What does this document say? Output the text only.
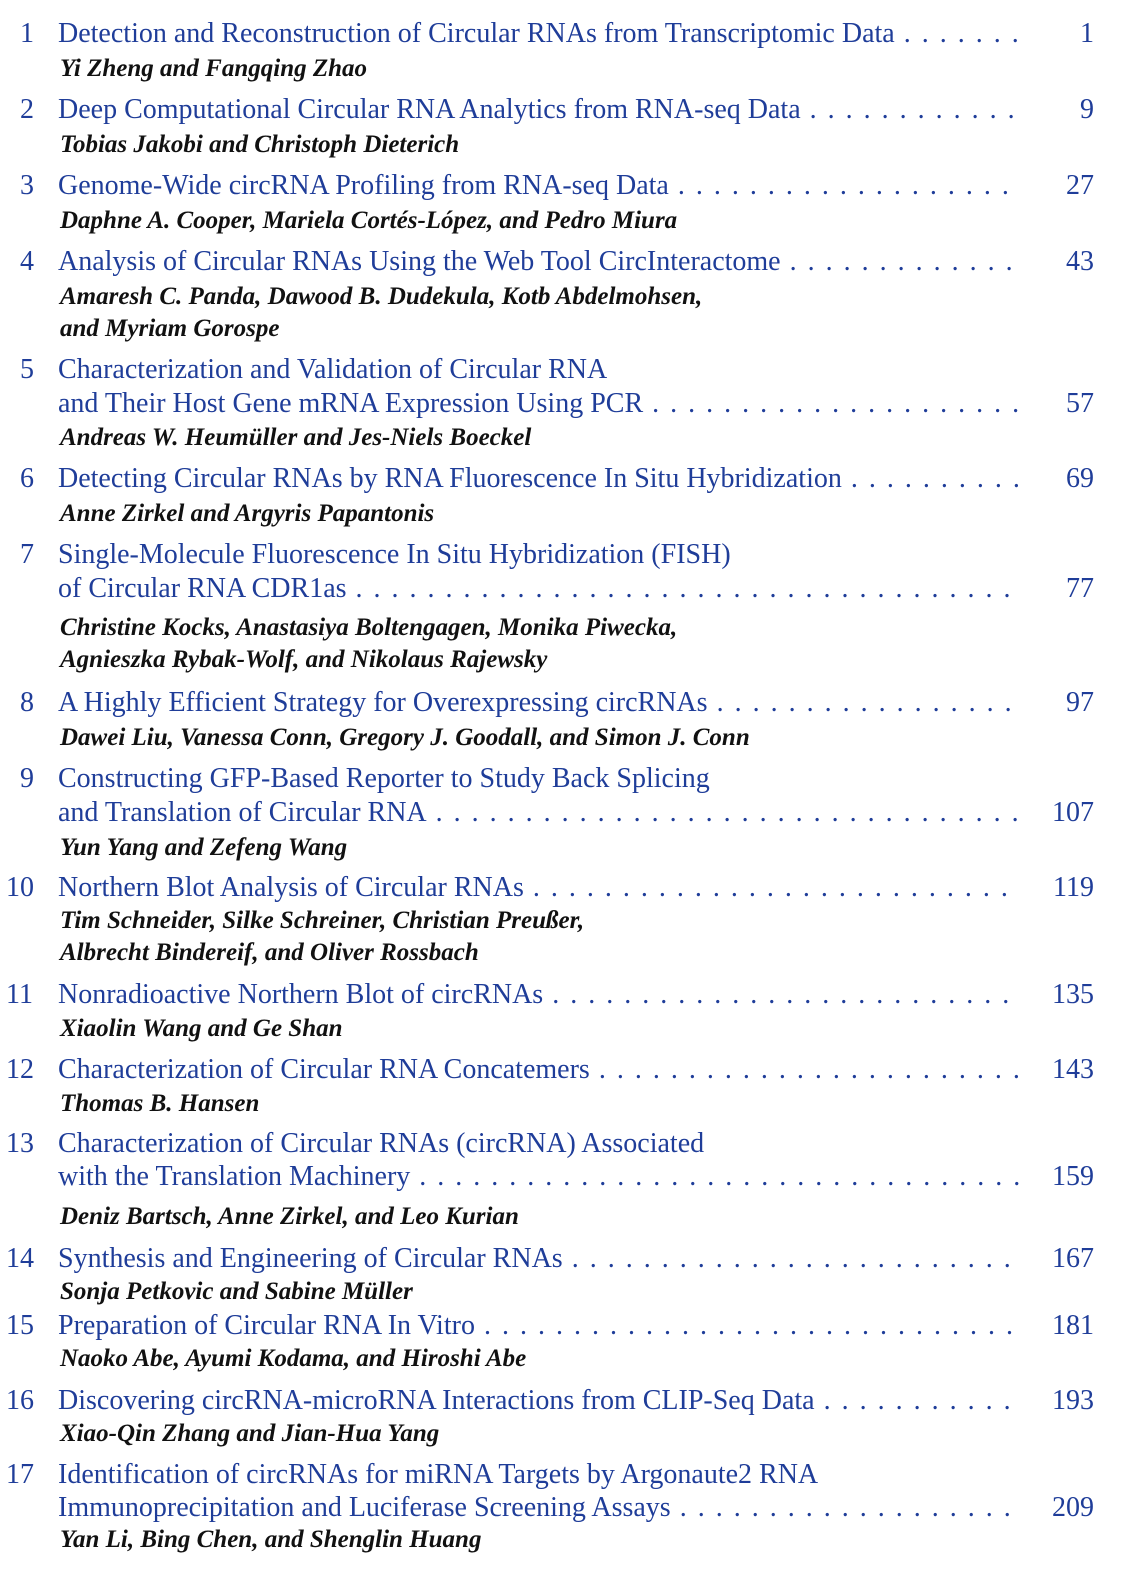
1 Detection and Reconstruction of Circular RNAs from Transcriptomic Data . . .	1
Yi Zheng and Fangqing Zhao
2 Deep Computational Circular RNA Analytics from RNA-seq Data . . .	9
Tobias Jakobi and Christoph Dieterich
3 Genome-Wide circRNA Profiling from RNA-seq Data . . .	27
Daphne A. Cooper, Mariela Cortés-López, and Pedro Miura
4 Analysis of Circular RNAs Using the Web Tool CircInteractome . . .	43
Amaresh C. Panda, Dawood B. Dudekula, Kotb Abdelmohsen,
and Myriam Gorospe
5 Characterization and Validation of Circular RNA
and Their Host Gene mRNA Expression Using PCR . . .	57
Andreas W. Heumüller and Jes-Niels Boeckel
6 Detecting Circular RNAs by RNA Fluorescence In Situ Hybridization . . .	69
Anne Zirkel and Argyris Papantonis
7 Single-Molecule Fluorescence In Situ Hybridization (FISH)
of Circular RNA CDR1as . . .	77
Christine Kocks, Anastasiya Boltengagen, Monika Piwecka,
Agnieszka Rybak-Wolf, and Nikolaus Rajewsky
8 A Highly Efficient Strategy for Overexpressing circRNAs . . .	97
Dawei Liu, Vanessa Conn, Gregory J. Goodall, and Simon J. Conn
9 Constructing GFP-Based Reporter to Study Back Splicing
and Translation of Circular RNA . . .	107
Yun Yang and Zefeng Wang
10 Northern Blot Analysis of Circular RNAs . . .	119
Tim Schneider, Silke Schreiner, Christian Preußer,
Albrecht Bindereif, and Oliver Rossbach
11 Nonradioactive Northern Blot of circRNAs . . .	135
Xiaolin Wang and Ge Shan
12 Characterization of Circular RNA Concatemers . . .	143
Thomas B. Hansen
13 Characterization of Circular RNAs (circRNA) Associated
with the Translation Machinery . . .	159
Deniz Bartsch, Anne Zirkel, and Leo Kurian
14 Synthesis and Engineering of Circular RNAs . . .	167
Sonja Petkovic and Sabine Müller
15 Preparation of Circular RNA In Vitro . . .	181
Naoko Abe, Ayumi Kodama, and Hiroshi Abe
16 Discovering circRNA-microRNA Interactions from CLIP-Seq Data . . .	193
Xiao-Qin Zhang and Jian-Hua Yang
17 Identification of circRNAs for miRNA Targets by Argonaute2 RNA
Immunoprecipitation and Luciferase Screening Assays . . .	209
Yan Li, Bing Chen, and Shenglin Huang
